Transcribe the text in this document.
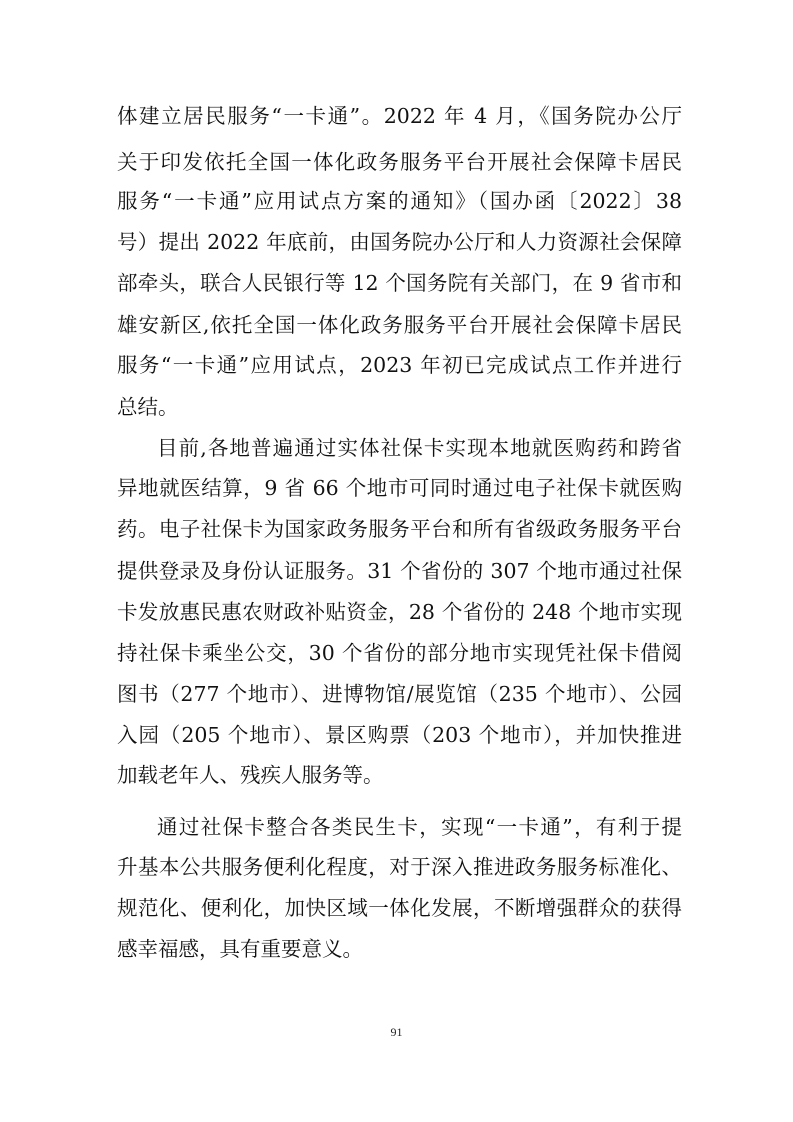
体建立居民服务“一卡通”。2022 年 4 月，《国务院办公厅
关于印发依托全国一体化政务服务平台开展社会保障卡居民
服务“一卡通”应用试点方案的通知》（国办函〔2022〕38
号）提出 2022 年底前，由国务院办公厅和人力资源社会保障
部牵头，联合人民银行等 12 个国务院有关部门，在 9 省市和
雄安新区,依托全国一体化政务服务平台开展社会保障卡居民
服务“一卡通”应用试点，2023 年初已完成试点工作并进行
总结。
目前,各地普遍通过实体社保卡实现本地就医购药和跨省
异地就医结算，9 省 66 个地市可同时通过电子社保卡就医购
药。电子社保卡为国家政务服务平台和所有省级政务服务平台
提供登录及身份认证服务。31 个省份的 307 个地市通过社保
卡发放惠民惠农财政补贴资金，28 个省份的 248 个地市实现
持社保卡乘坐公交，30 个省份的部分地市实现凭社保卡借阅
图书（277 个地市）、进博物馆/展览馆（235 个地市）、公园
入园（205 个地市）、景区购票（203 个地市），并加快推进
加载老年人、残疾人服务等。
通过社保卡整合各类民生卡，实现“一卡通”，有利于提
升基本公共服务便利化程度，对于深入推进政务服务标准化、
规范化、便利化，加快区域一体化发展，不断增强群众的获得
感幸福感，具有重要意义。
91
